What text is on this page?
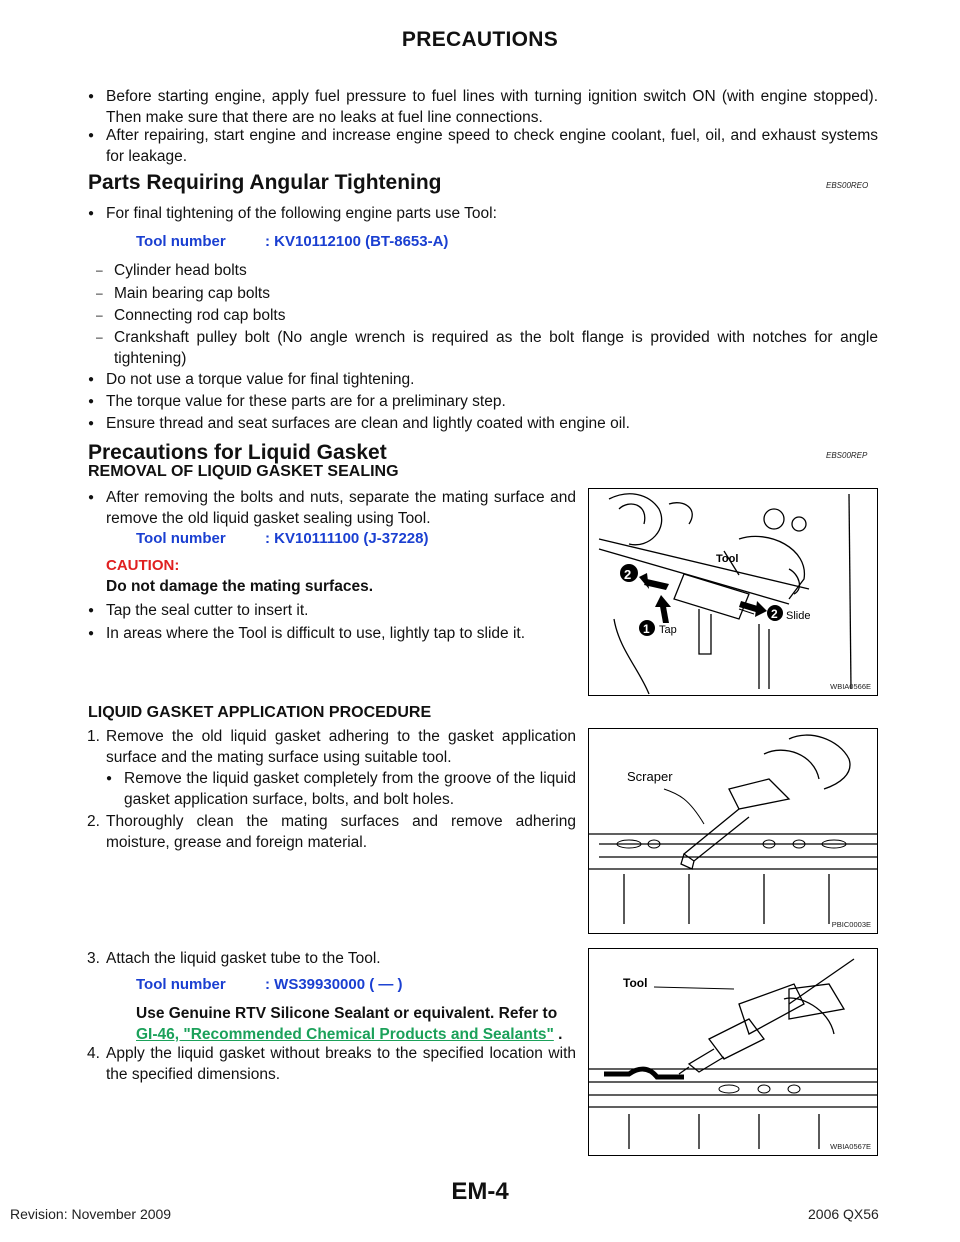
PRECAUTIONS
● Before starting engine, apply fuel pressure to fuel lines with turning ignition switch ON (with engine stopped). Then make sure that there are no leaks at fuel line connections.
● After repairing, start engine and increase engine speed to check engine coolant, fuel, oil, and exhaust systems for leakage.
Parts Requiring Angular Tightening	EBS00REO
● For final tightening of the following engine parts use Tool:
Tool number	: KV10112100 (BT-8653-A)
– Cylinder head bolts
– Main bearing cap bolts
– Connecting rod cap bolts
– Crankshaft pulley bolt (No angle wrench is required as the bolt flange is provided with notches for angle tightening)
● Do not use a torque value for final tightening.
● The torque value for these parts are for a preliminary step.
● Ensure thread and seat surfaces are clean and lightly coated with engine oil.
Precautions for Liquid Gasket	EBS00REP
REMOVAL OF LIQUID GASKET SEALING
● After removing the bolts and nuts, separate the mating surface and remove the old liquid gasket sealing using Tool.
Tool number	: KV10111100 (J-37228)
CAUTION:
Do not damage the mating surfaces.
● Tap the seal cutter to insert it.
● In areas where the Tool is difficult to use, lightly tap to slide it.
LIQUID GASKET APPLICATION PROCEDURE
1. Remove the old liquid gasket adhering to the gasket application surface and the mating surface using suitable tool.
● Remove the liquid gasket completely from the groove of the liquid gasket application surface, bolts, and bolt holes.
2. Thoroughly clean the mating surfaces and remove adhering moisture, grease and foreign material.
3. Attach the liquid gasket tube to the Tool.
Tool number	: WS39930000 ( — )
Use Genuine RTV Silicone Sealant or equivalent. Refer to
GI-46, "Recommended Chemical Products and Sealants" .
4. Apply the liquid gasket without breaks to the specified location with the specified dimensions.
2
1 Tap
2 Slide
Tool
WBIA0566E
Scraper
PBIC0003E
Tool
WBIA0567E
EM-4
Revision: November 2009	2006 QX56
